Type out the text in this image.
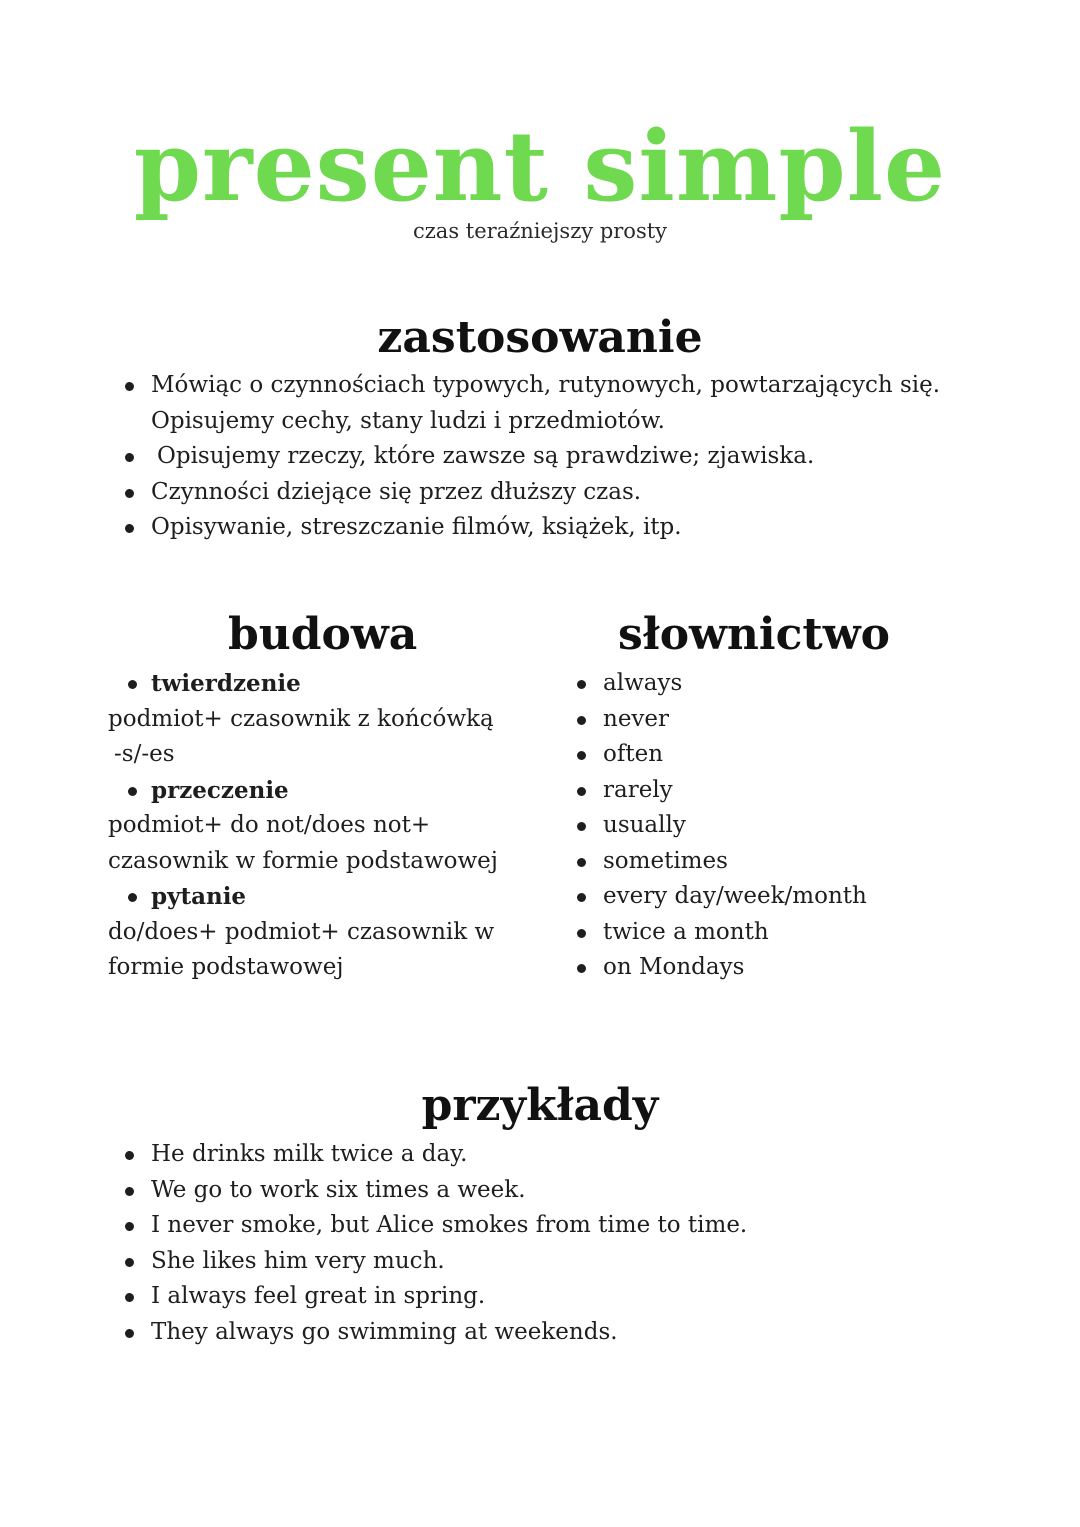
present simple
czas teraźniejszy prosty
zastosowanie
Mówiąc o czynnościach typowych, rutynowych, powtarzających się.
Opisujemy cechy, stany ludzi i przedmiotów.
Opisujemy rzeczy, które zawsze są prawdziwe; zjawiska.
Czynności dziejące się przez dłuższy czas.
Opisywanie, streszczanie filmów, książek, itp.
budowa
twierdzenie

podmiot+ czasownik z końcówką

-s/-es

przeczenie

podmiot+ do not/does not+

czasownik w formie podstawowej

pytanie

do/does+ podmiot+ czasownik w

formie podstawowej

słownictwo
always
never
often
rarely
usually
sometimes
every day/week/month
twice a month
on Mondays
przykłady
He drinks milk twice a day.
We go to work six times a week.
I never smoke, but Alice smokes from time to time.
She likes him very much.
I always feel great in spring.
They always go swimming at weekends.
